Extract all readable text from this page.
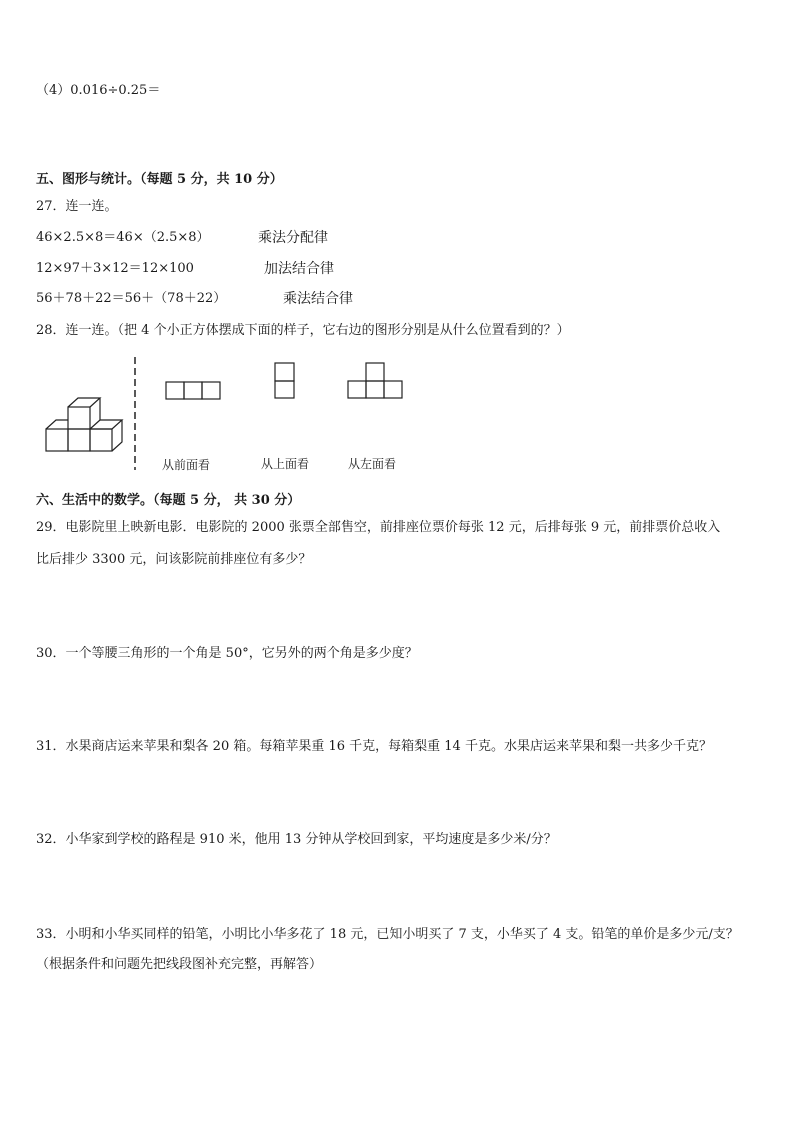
（4）0.016÷0.25＝
五、图形与统计。（每题 5 分，共 10 分）
27．连一连。
46×2.5×8＝46×（2.5×8）	乘法分配律
12×97＋3×12＝12×100	加法结合律
56＋78＋22＝56＋（78＋22）	乘法结合律
28．连一连。（把 4 个小正方体摆成下面的样子，它右边的图形分别是从什么位置看到的？）
从前面看	从上面看	从左面看
六、生活中的数学。（每题 5 分， 共 30 分）
29．电影院里上映新电影．电影院的 2000 张票全部售空，前排座位票价每张 12 元，后排每张 9 元，前排票价总收入
比后排少 3300 元，问该影院前排座位有多少？
30．一个等腰三角形的一个角是 50°，它另外的两个角是多少度？
31．水果商店运来苹果和梨各 20 箱。每箱苹果重 16 千克，每箱梨重 14 千克。水果店运来苹果和梨一共多少千克？
32．小华家到学校的路程是 910 米，他用 13 分钟从学校回到家，平均速度是多少米/分？
33．小明和小华买同样的铅笔，小明比小华多花了 18 元，已知小明买了 7 支，小华买了 4 支。铅笔的单价是多少元/支？
（根据条件和问题先把线段图补充完整，再解答）
